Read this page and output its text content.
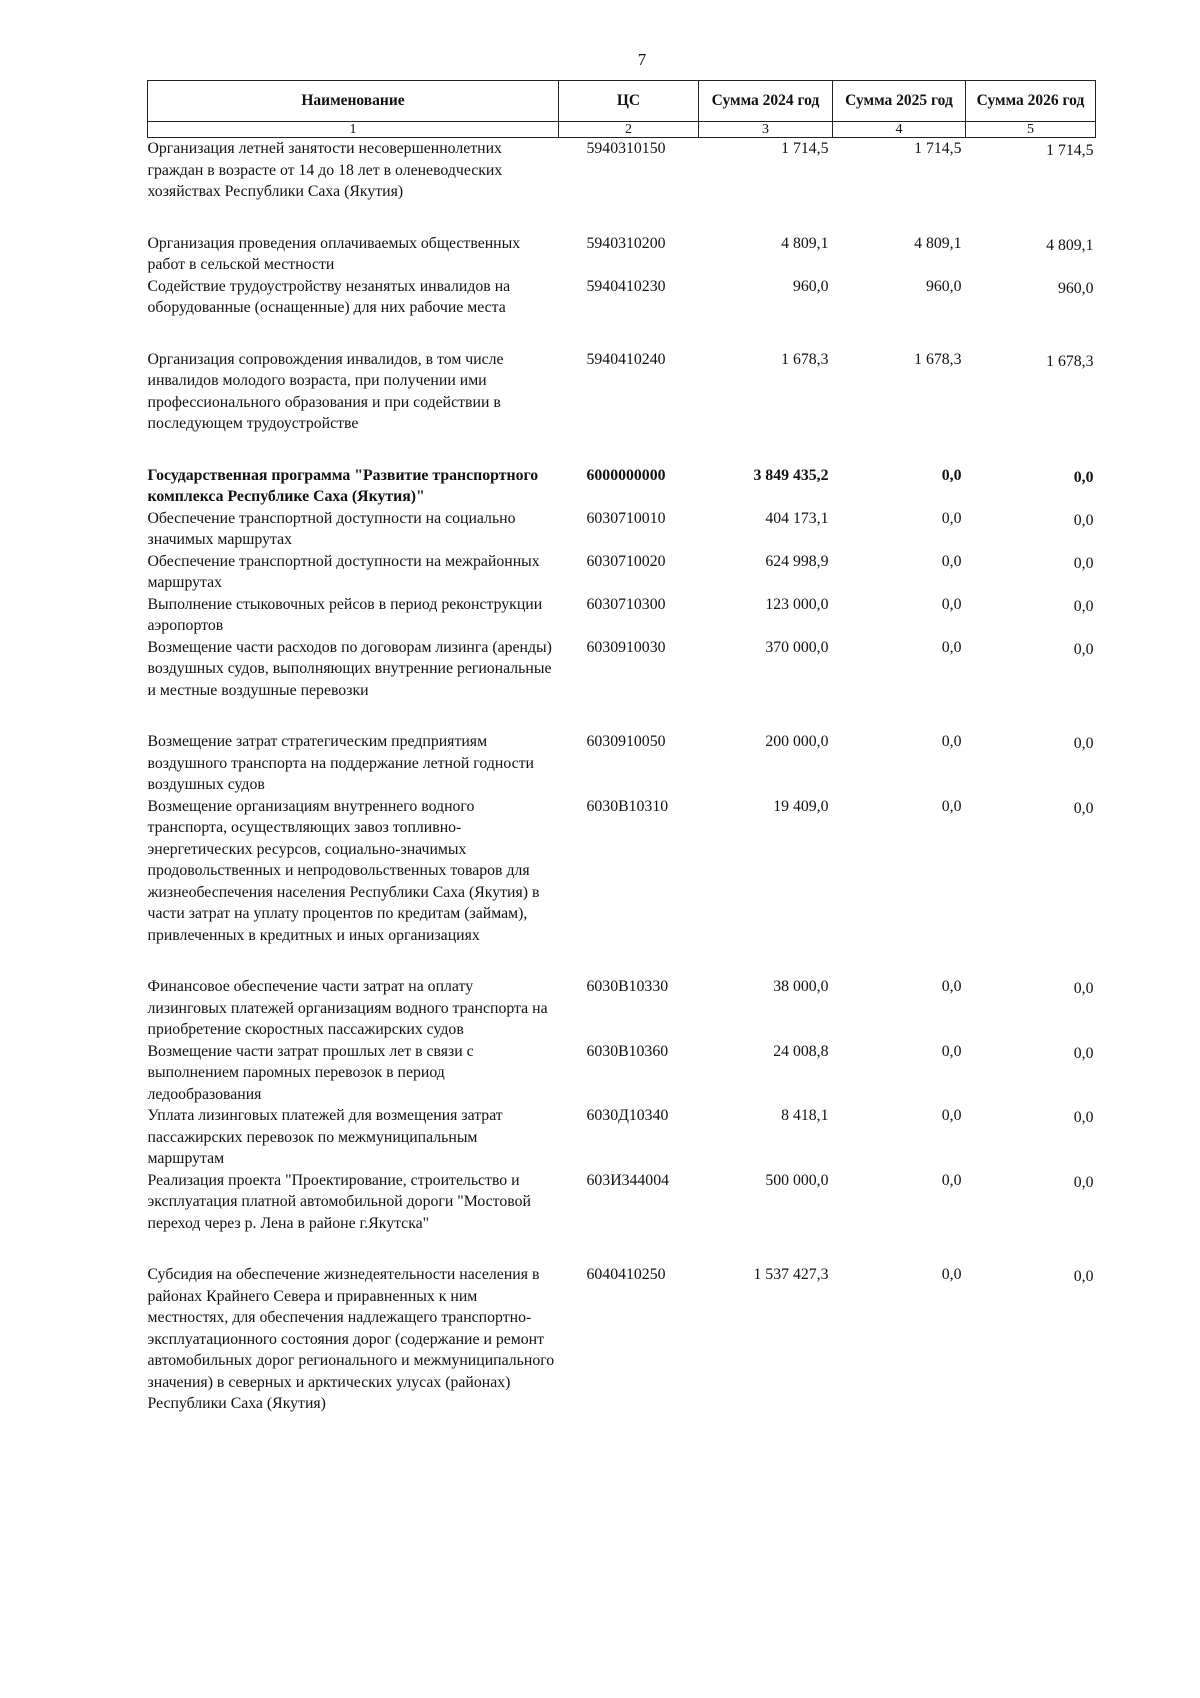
7
Наименование	ЦС	Сумма 2024 год	Сумма 2025 год	Сумма 2026 год
1	2	3	4	5
Организация летней занятости несовершеннолетних граждан в возрасте от 14 до 18 лет в оленеводческих хозяйствах Республики Саха (Якутия)	5940310150	1 714,5	1 714,5	1 714,5
Организация проведения оплачиваемых общественных работ в сельской местности	5940310200	4 809,1	4 809,1	4 809,1
Содействие трудоустройству незанятых инвалидов на оборудованные (оснащенные) для них рабочие места	5940410230	960,0	960,0	960,0
Организация сопровождения инвалидов, в том числе инвалидов молодого возраста, при получении ими профессионального образования и при содействии в последующем трудоустройстве	5940410240	1 678,3	1 678,3	1 678,3
Государственная программа "Развитие транспортного комплекса Республике Саха (Якутия)"	6000000000	3 849 435,2	0,0	0,0
Обеспечение транспортной доступности на социально значимых маршрутах	6030710010	404 173,1	0,0	0,0
Обеспечение транспортной доступности на межрайонных маршрутах	6030710020	624 998,9	0,0	0,0
Выполнение стыковочных рейсов в период реконструкции аэропортов	6030710300	123 000,0	0,0	0,0
Возмещение части расходов по договорам лизинга (аренды) воздушных судов, выполняющих внутренние региональные и местные воздушные перевозки	6030910030	370 000,0	0,0	0,0
Возмещение затрат стратегическим предприятиям воздушного транспорта на поддержание летной годности воздушных судов	6030910050	200 000,0	0,0	0,0
Возмещение организациям внутреннего водного транспорта, осуществляющих завоз топливно-энергетических ресурсов, социально-значимых продовольственных и непродовольственных товаров для жизнеобеспечения населения Республики Саха (Якутия) в части затрат на уплату процентов по кредитам (займам), привлеченных в кредитных и иных организациях	6030В10310	19 409,0	0,0	0,0
Финансовое обеспечение части затрат на оплату лизинговых платежей организациям водного транспорта на приобретение скоростных пассажирских судов	6030В10330	38 000,0	0,0	0,0
Возмещение части затрат прошлых лет в связи с выполнением паромных перевозок в период ледообразования	6030В10360	24 008,8	0,0	0,0
Уплата лизинговых платежей для возмещения затрат пассажирских перевозок по межмуниципальным маршрутам	6030Д10340	8 418,1	0,0	0,0
Реализация проекта "Проектирование, строительство и эксплуатация платной автомобильной дороги "Мостовой переход через р. Лена в районе г.Якутска"	603И344004	500 000,0	0,0	0,0
Субсидия на обеспечение жизнедеятельности населения в районах Крайнего Севера и приравненных к ним местностях, для обеспечения надлежащего транспортно-эксплуатационного состояния дорог (содержание и ремонт автомобильных дорог регионального и межмуниципального значения) в северных и арктических улусах (районах) Республики Саха (Якутия)	6040410250	1 537 427,3	0,0	0,0
